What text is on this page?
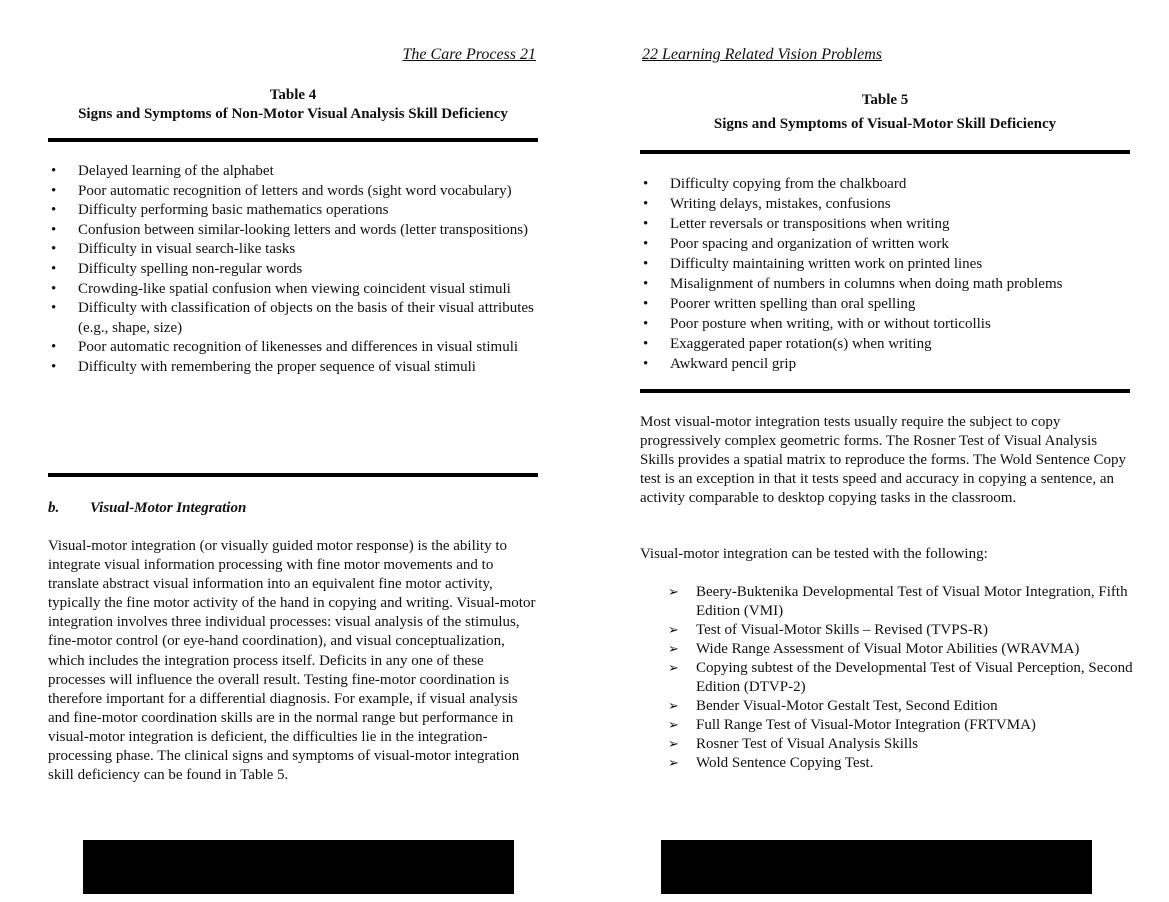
The Care Process 21
Table 4
Signs and Symptoms of Non-Motor Visual Analysis Skill Deficiency
• Delayed learning of the alphabet
• Poor automatic recognition of letters and words (sight word vocabulary)
• Difficulty performing basic mathematics operations
• Confusion between similar-looking letters and words (letter transpositions)
• Difficulty in visual search-like tasks
• Difficulty spelling non-regular words
• Crowding-like spatial confusion when viewing coincident visual stimuli
• Difficulty with classification of objects on the basis of their visual attributes (e.g., shape, size)
• Poor automatic recognition of likenesses and differences in visual stimuli
• Difficulty with remembering the proper sequence of visual stimuli
b. Visual-Motor Integration

Visual-motor integration (or visually guided motor response) is the ability to integrate visual information processing with fine motor movements and to translate abstract visual information into an equivalent fine motor activity, typically the fine motor activity of the hand in copying and writing. Visual-motor integration involves three individual processes: visual analysis of the stimulus, fine-motor control (or eye-hand coordination), and visual conceptualization, which includes the integration process itself. Deficits in any one of these processes will influence the overall result. Testing fine-motor coordination is therefore important for a differential diagnosis. For example, if visual analysis and fine-motor coordination skills are in the normal range but performance in visual-motor integration is deficient, the difficulties lie in the integration-processing phase. The clinical signs and symptoms of visual-motor integration skill deficiency can be found in Table 5.

22 Learning Related Vision Problems
Table 5
Signs and Symptoms of Visual-Motor Skill Deficiency
• Difficulty copying from the chalkboard
• Writing delays, mistakes, confusions
• Letter reversals or transpositions when writing
• Poor spacing and organization of written work
• Difficulty maintaining written work on printed lines
• Misalignment of numbers in columns when doing math problems
• Poorer written spelling than oral spelling
• Poor posture when writing, with or without torticollis
• Exaggerated paper rotation(s) when writing
• Awkward pencil grip

Most visual-motor integration tests usually require the subject to copy progressively complex geometric forms. The Rosner Test of Visual Analysis Skills provides a spatial matrix to reproduce the forms. The Wold Sentence Copy test is an exception in that it tests speed and accuracy in copying a sentence, an activity comparable to desktop copying tasks in the classroom.

Visual-motor integration can be tested with the following:

➢ Beery-Buktenika Developmental Test of Visual Motor Integration, Fifth Edition (VMI)
➢ Test of Visual-Motor Skills – Revised (TVPS-R)
➢ Wide Range Assessment of Visual Motor Abilities (WRAVMA)
➢ Copying subtest of the Developmental Test of Visual Perception, Second Edition (DTVP-2)
➢ Bender Visual-Motor Gestalt Test, Second Edition
➢ Full Range Test of Visual-Motor Integration (FRTVMA)
➢ Rosner Test of Visual Analysis Skills
➢ Wold Sentence Copying Test.
